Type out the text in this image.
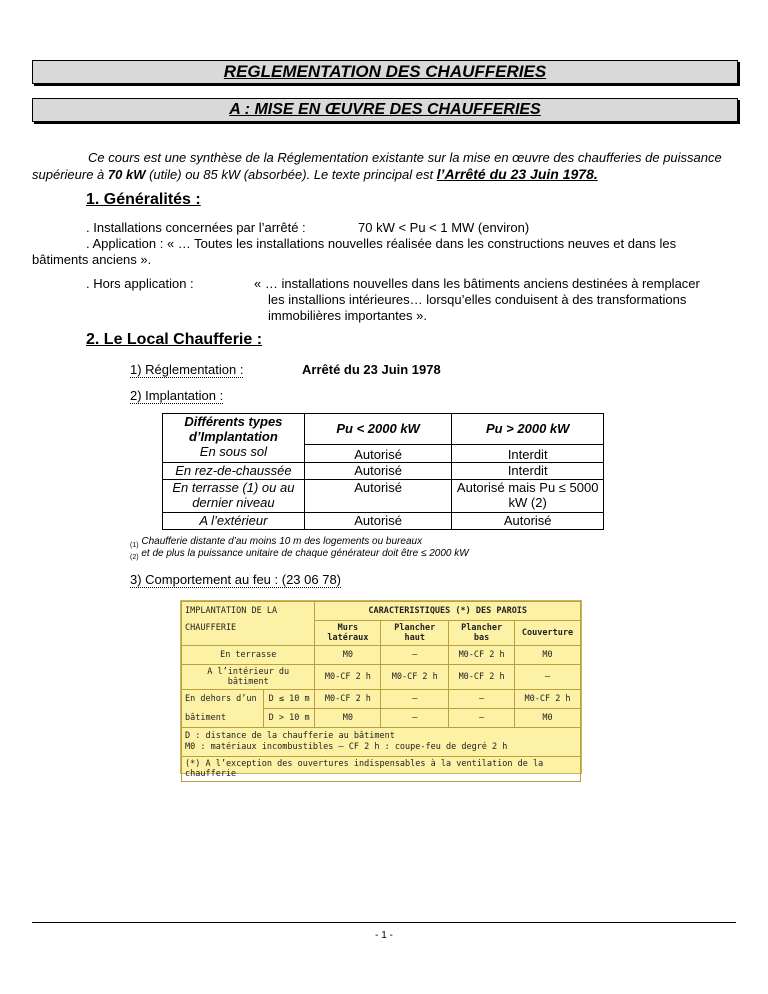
REGLEMENTATION DES CHAUFFERIES
A : MISE EN ŒUVRE DES CHAUFFERIES
Ce cours est une synthèse de la Réglementation existante sur la mise en œuvre des chaufferies de puissance supérieure à 70 kW (utile) ou 85 kW (absorbée). Le texte principal est l’Arrêté du 23 Juin 1978.
1. Généralités :
. Installations concernées par l’arrêté :	70 kW < Pu < 1 MW (environ)
. Application : « … Toutes les installations nouvelles réalisée dans les constructions neuves et dans les bâtiments anciens ».
. Hors application :	« … installations nouvelles dans les bâtiments anciens destinées à remplacer les installions intérieures… lorsqu’elles conduisent à des transformations immobilières importantes ».
2. Le Local Chaufferie :
1) Réglementation :	Arrêté du 23 Juin 1978
2) Implantation :
Différents types d’Implantation	Pu < 2000 kW	Pu > 2000 kW
En sous sol	Autorisé	Interdit
En rez-de-chaussée	Autorisé	Interdit
En terrasse (1) ou au dernier niveau	Autorisé	Autorisé mais Pu ≤ 5000 kW (2)
A l’extérieur	Autorisé	Autorisé
$_{(1)}$ Chaufferie distante d’au moins 10 m des logements ou bureaux
$_{(2)}$ et de plus la puissance unitaire de chaque générateur doit être ≤ 2000 kW
3) Comportement au feu : (23 06 78)
IMPLANTATION DE LA		CARACTERISTIQUES (*) DES PAROIS			
CHAUFFERIE		Murs latéraux	Plancher haut	Plancher bas	Couverture
En terrasse		M0	–	M0-CF 2 h	M0
A l’intérieur du bâtiment		M0-CF 2 h	M0-CF 2 h	M0-CF 2 h	–
En dehors d’un	D ≤ 10 m	M0-CF 2 h	–	–	M0-CF 2 h
bâtiment	D > 10 m	M0	–	–	M0

D : distance de la chaufferie au bâtiment
M0 : matériaux incombustibles – CF 2 h : coupe-feu de degré 2 h					

(*) A l’exception des ouvertures indispensables à la ventilation de la chaufferie					
- 1 -
